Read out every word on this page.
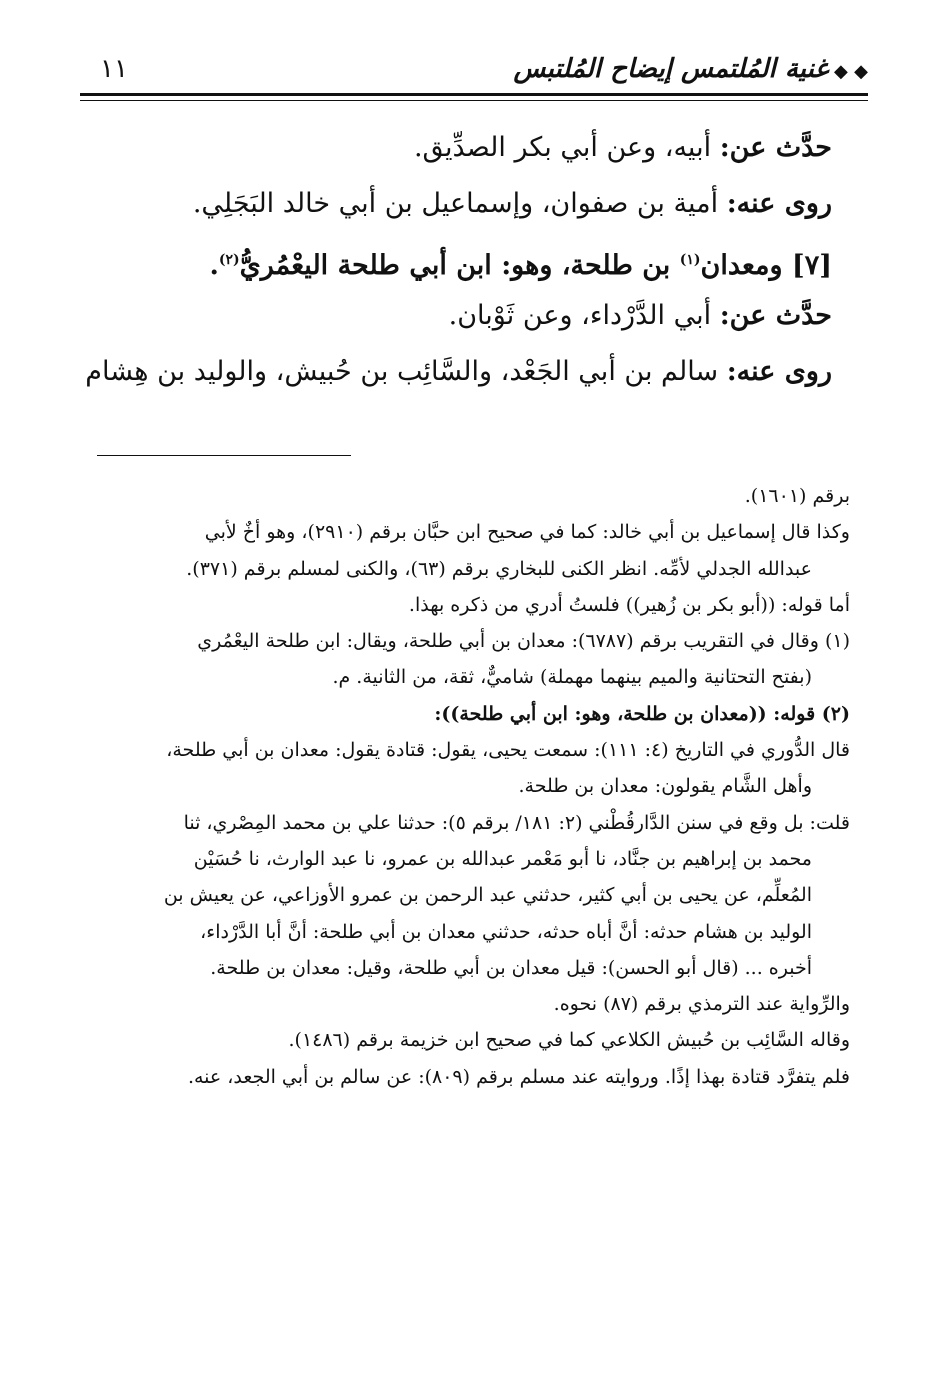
◆ ◆غنية المُلتمس إيضاح المُلتبس
١١
حدَّث عن: أبيه، وعن أبي بكر الصدِّيق.
روى عنه: أمية بن صفوان، وإسماعيل بن أبي خالد البَجَلِي.
[٧] ومعدان$^{(١)}$ بن طلحة، وهو: ابن أبي طلحة اليعْمُريُّ$^{(٢)}$.
حدَّث عن: أبي الدَّرْداء، وعن ثَوْبان.
روى عنه: سالم بن أبي الجَعْد، والسَّائِب بن حُبيش، والوليد بن هِشام
برقم (١٦٠١).
وكذا قال إسماعيل بن أبي خالد: كما في صحيح ابن حبَّان برقم (٢٩١٠)، وهو أخٌ لأبي
عبدالله الجدلي لأمِّه. انظر الكنى للبخاري برقم (٦٣)، والكنى لمسلم برقم (٣٧١).
أما قوله: ((أبو بكر بن زُهير)) فلستُ أدري من ذكره بهذا.
(١) وقال في التقريب برقم (٦٧٨٧): معدان بن أبي طلحة، ويقال: ابن طلحة اليعْمُري
(بفتح التحتانية والميم بينهما مهملة) شاميٌّ، ثقة، من الثانية. م.
(٢) قوله: ((معدان بن طلحة، وهو: ابن أبي طلحة)):
قال الدُّوري في التاريخ (٤: ١١١): سمعت يحيى، يقول: قتادة يقول: معدان بن أبي طلحة،
وأهل الشَّام يقولون: معدان بن طلحة.
قلت: بل وقع في سنن الدَّارقُطْني (٢: ١٨١/ برقم ٥): حدثنا علي بن محمد المِصْري، ثنا
محمد بن إبراهيم بن جنَّاد، نا أبو مَعْمر عبدالله بن عمرو، نا عبد الوارث، نا حُسَيْن
المُعلِّم، عن يحيى بن أبي كثير، حدثني عبد الرحمن بن عمرو الأوزاعي، عن يعيش بن
الوليد بن هشام حدثه: أنَّ أباه حدثه، حدثني معدان بن أبي طلحة: أنَّ أبا الدَّرْداء،
أخبره ... (قال أبو الحسن): قيل معدان بن أبي طلحة، وقيل: معدان بن طلحة.
والرِّواية عند الترمذي برقم (٨٧) نحوه.
وقاله السَّائِب بن حُبيش الكلاعي كما في صحيح ابن خزيمة برقم (١٤٨٦).
فلم يتفرَّد قتادة بهذا إذًا. وروايته عند مسلم برقم (٨٠٩): عن سالم بن أبي الجعد، عنه.
